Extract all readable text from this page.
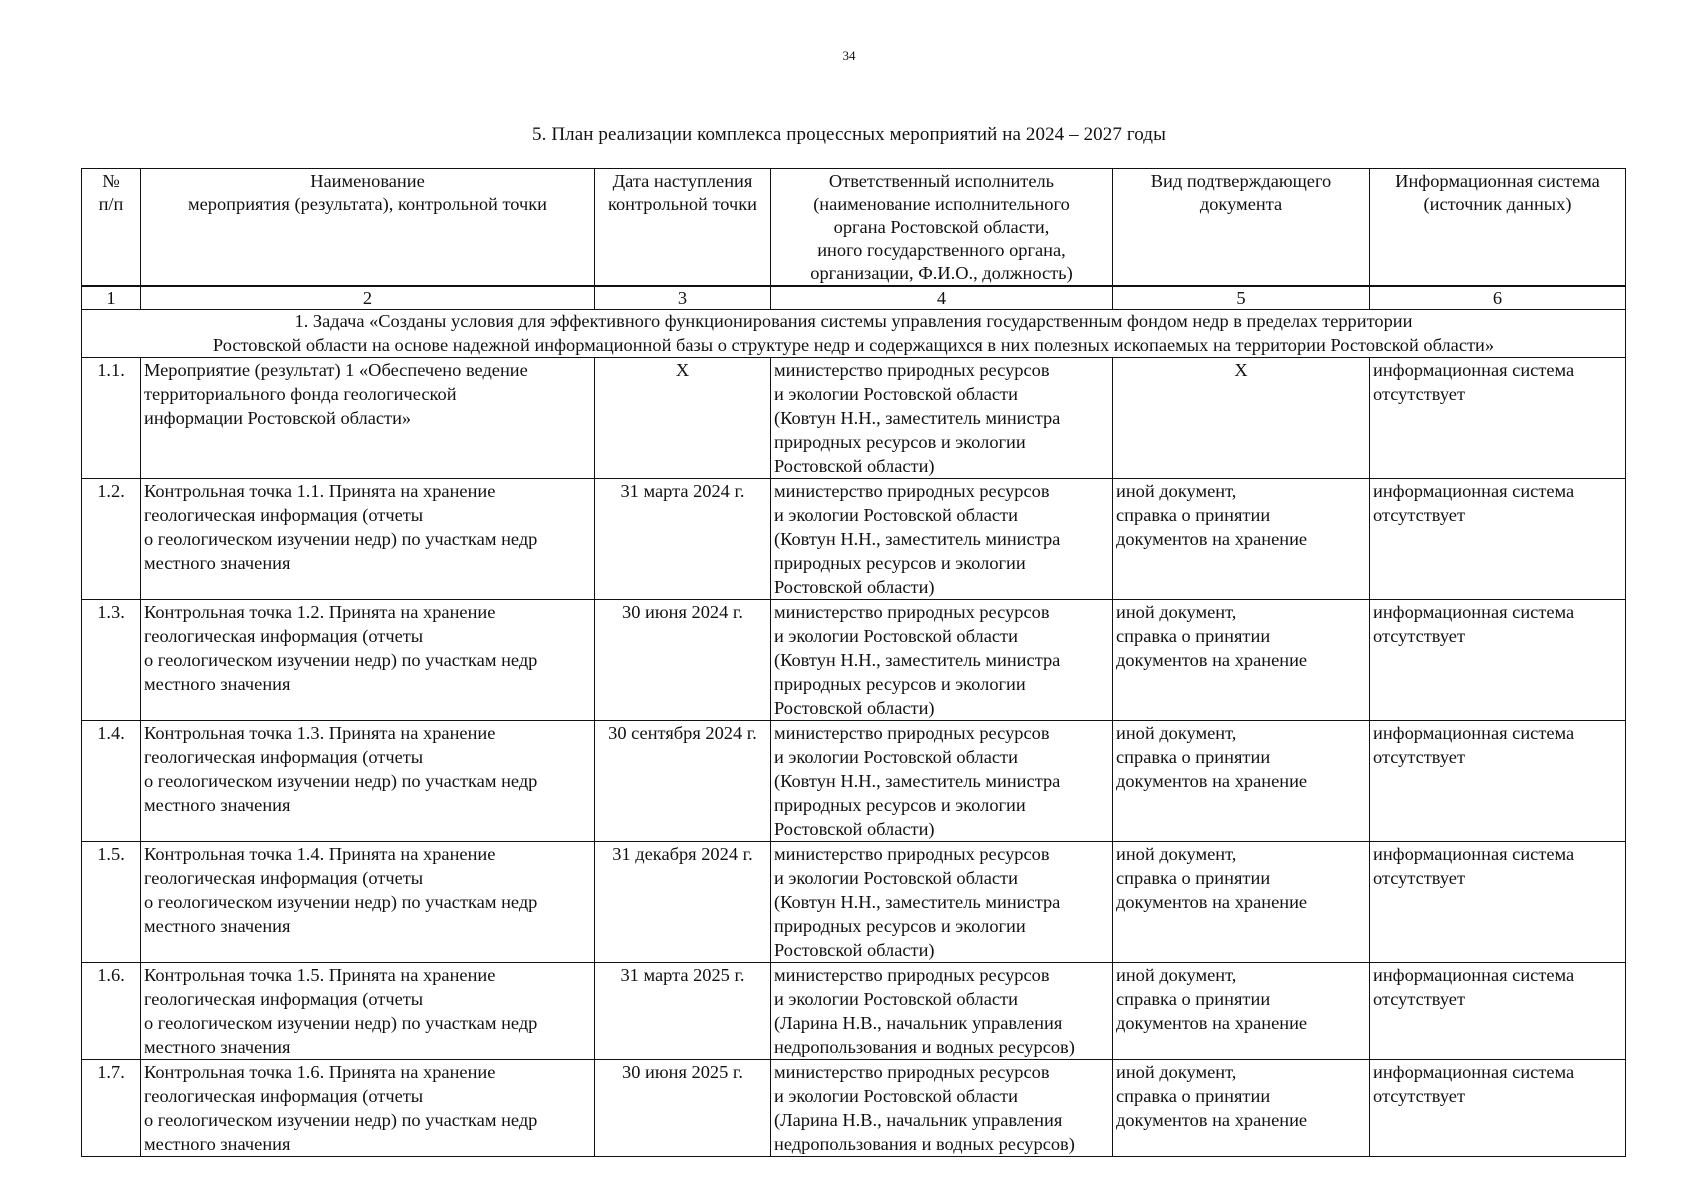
34
5. План реализации комплекса процессных мероприятий на 2024 – 2027 годы
№
п/п	Наименование
мероприятия (результата), контрольной точки	Дата наступления
контрольной точки	Ответственный исполнитель
(наименование исполнительного
органа Ростовской области,
иного государственного органа,
организации, Ф.И.О., должность)	Вид подтверждающего
документа	Информационная система
(источник данных)
1	2	3	4	5	6
1. Задача «Созданы условия для эффективного функционирования системы управления государственным фондом недр в пределах территории
Ростовской области на основе надежной информационной базы о структуре недр и содержащихся в них полезных ископаемых на территории Ростовской области»					
1.1.	Мероприятие (результат) 1 «Обеспечено ведение
территориального фонда геологической
информации Ростовской области»	X	министерство природных ресурсов
и экологии Ростовской области
(Ковтун Н.Н., заместитель министра
природных ресурсов и экологии
Ростовской области)	X	информационная система
отсутствует
1.2.	Контрольная точка 1.1. Принята на хранение
геологическая информация (отчеты
о геологическом изучении недр) по участкам недр
местного значения	31 марта 2024 г.	министерство природных ресурсов
и экологии Ростовской области
(Ковтун Н.Н., заместитель министра
природных ресурсов и экологии
Ростовской области)	иной документ,
справка о принятии
документов на хранение	информационная система
отсутствует
1.3.	Контрольная точка 1.2. Принята на хранение
геологическая информация (отчеты
о геологическом изучении недр) по участкам недр
местного значения	30 июня 2024 г.	министерство природных ресурсов
и экологии Ростовской области
(Ковтун Н.Н., заместитель министра
природных ресурсов и экологии
Ростовской области)	иной документ,
справка о принятии
документов на хранение	информационная система
отсутствует
1.4.	Контрольная точка 1.3. Принята на хранение
геологическая информация (отчеты
о геологическом изучении недр) по участкам недр
местного значения	30 сентября 2024 г.	министерство природных ресурсов
и экологии Ростовской области
(Ковтун Н.Н., заместитель министра
природных ресурсов и экологии
Ростовской области)	иной документ,
справка о принятии
документов на хранение	информационная система
отсутствует
1.5.	Контрольная точка 1.4. Принята на хранение
геологическая информация (отчеты
о геологическом изучении недр) по участкам недр
местного значения	31 декабря 2024 г.	министерство природных ресурсов
и экологии Ростовской области
(Ковтун Н.Н., заместитель министра
природных ресурсов и экологии
Ростовской области)	иной документ,
справка о принятии
документов на хранение	информационная система
отсутствует
1.6.	Контрольная точка 1.5. Принята на хранение
геологическая информация (отчеты
о геологическом изучении недр) по участкам недр
местного значения	31 марта 2025 г.	министерство природных ресурсов
и экологии Ростовской области
(Ларина Н.В., начальник управления
недропользования и водных ресурсов)	иной документ,
справка о принятии
документов на хранение	информационная система
отсутствует
1.7.	Контрольная точка 1.6. Принята на хранение
геологическая информация (отчеты
о геологическом изучении недр) по участкам недр
местного значения	30 июня 2025 г.	министерство природных ресурсов
и экологии Ростовской области
(Ларина Н.В., начальник управления
недропользования и водных ресурсов)	иной документ,
справка о принятии
документов на хранение	информационная система
отсутствует
